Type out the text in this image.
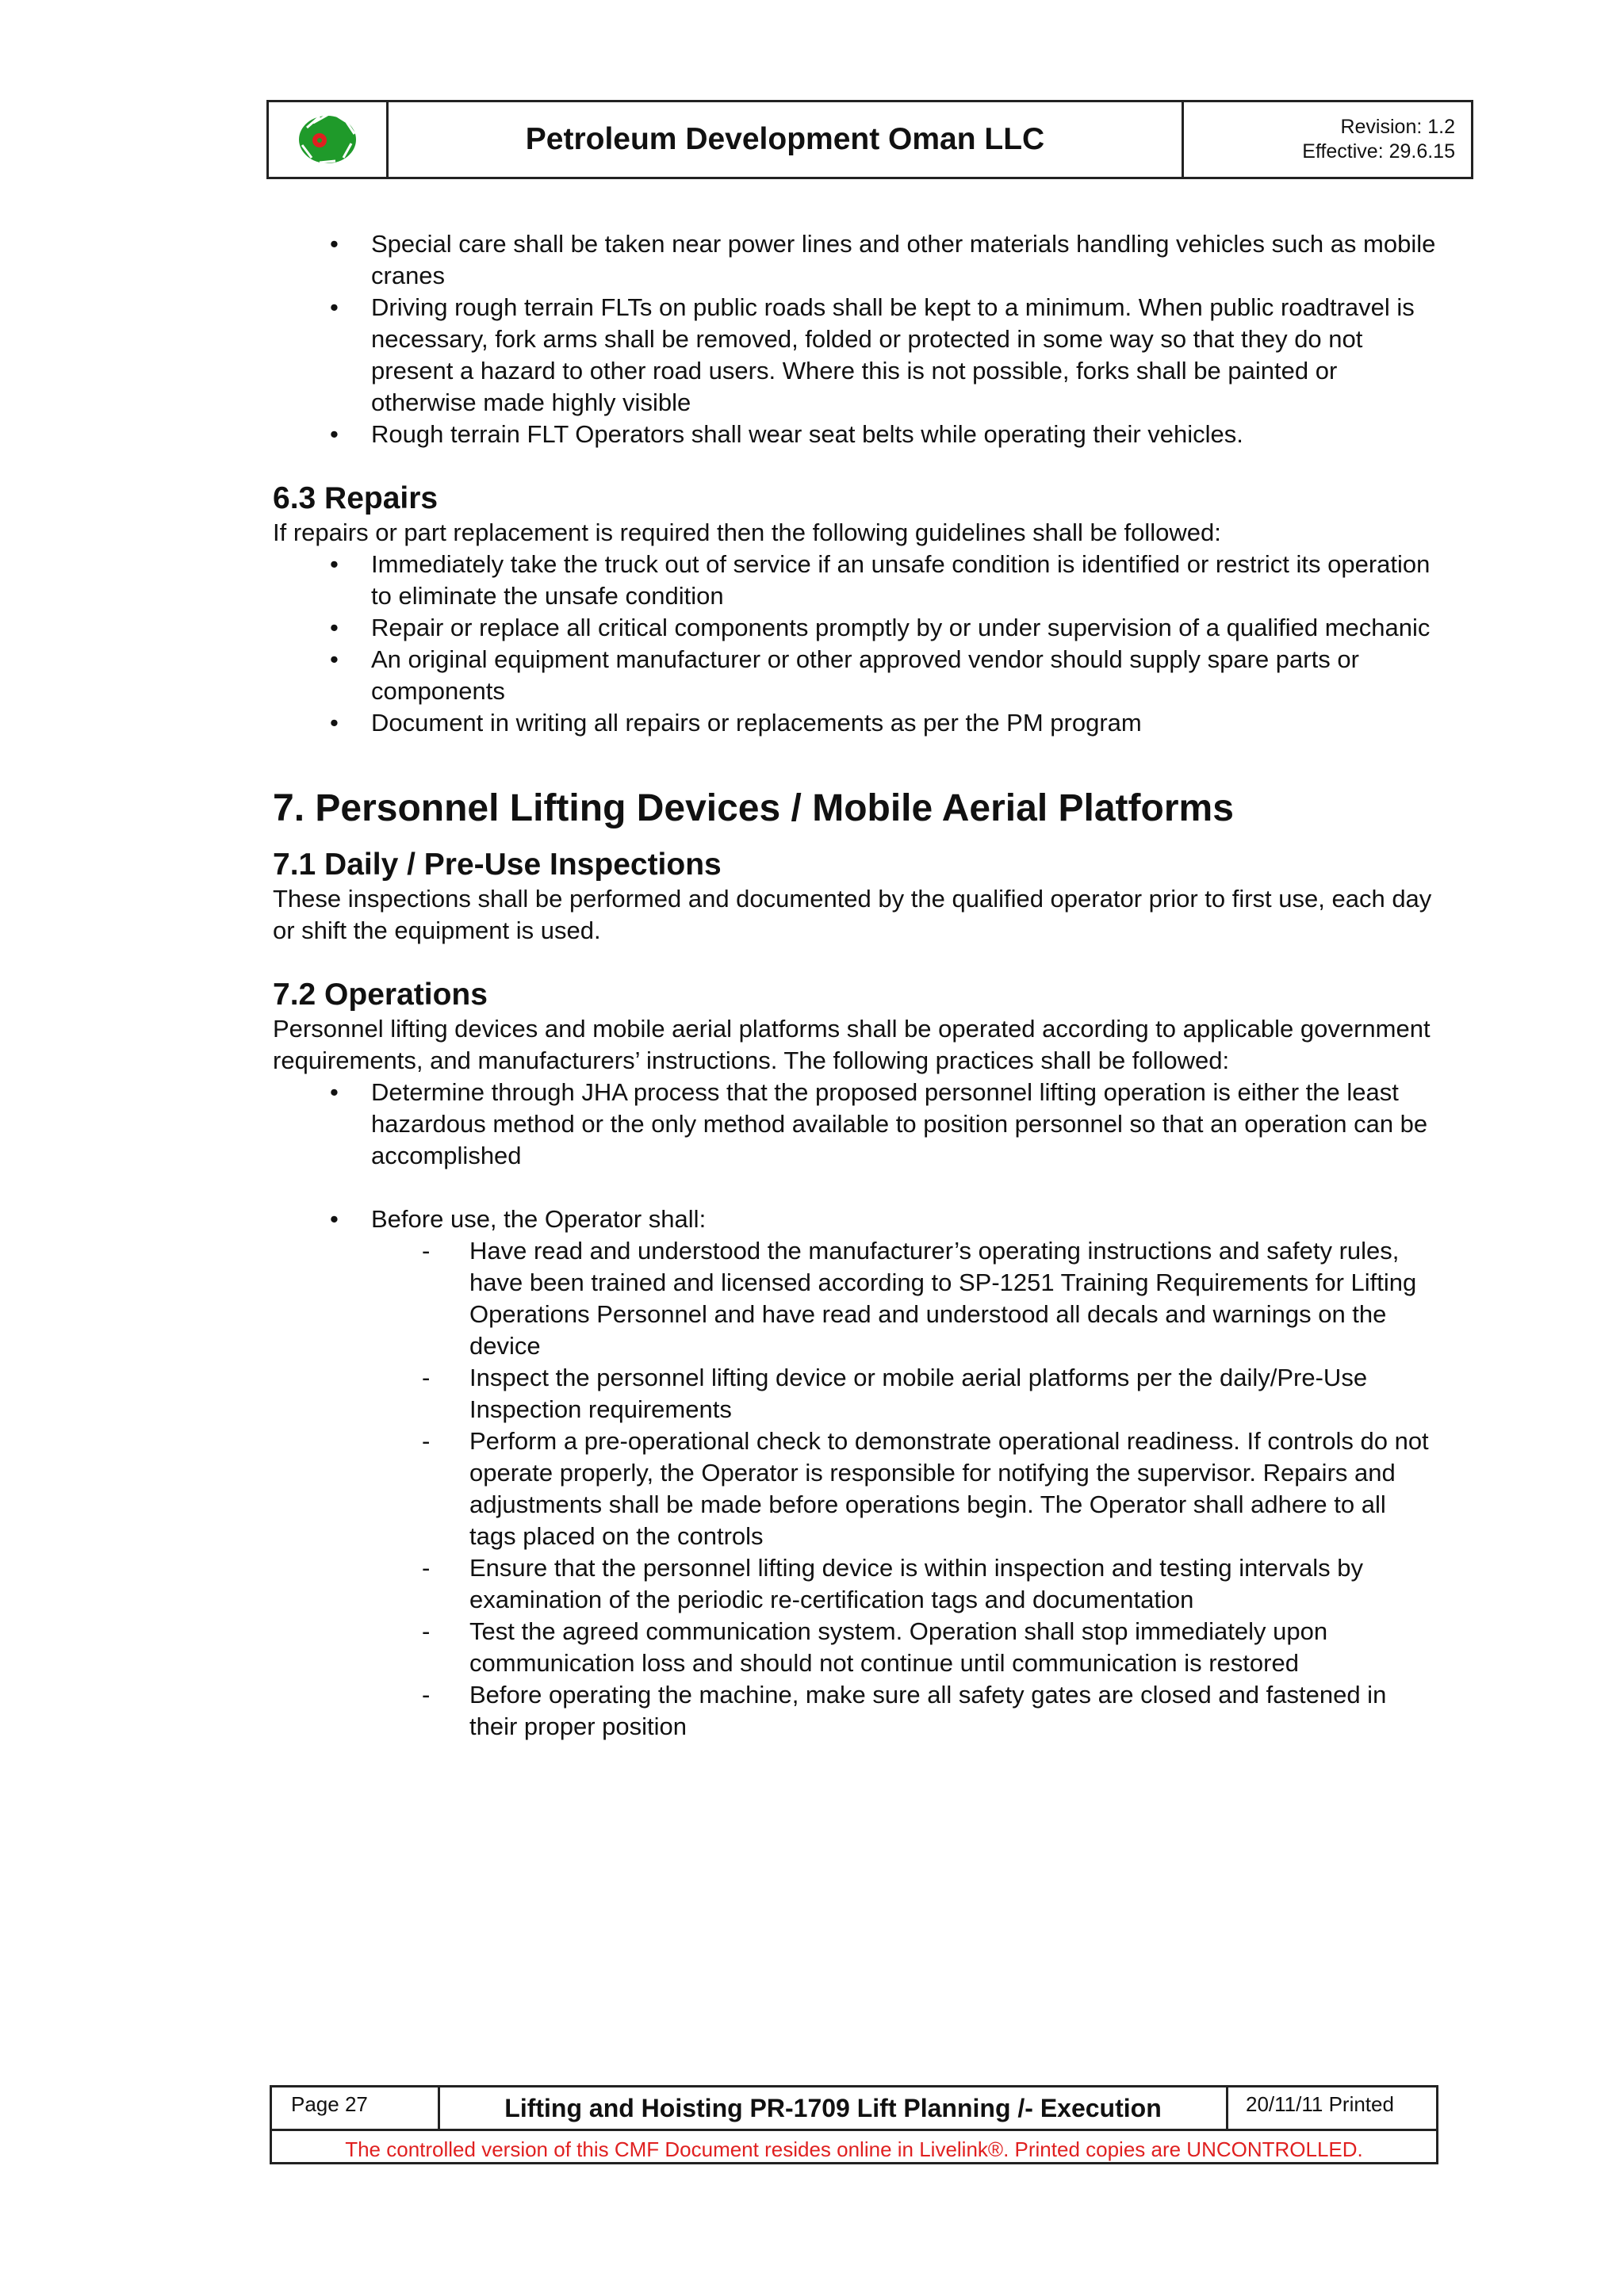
Petroleum Development Oman LLC	Revision: 1.2
Effective: 29.6.15
• Special care shall be taken near power lines and other materials handling vehicles such as mobile cranes
• Driving rough terrain FLTs on public roads shall be kept to a minimum. When public roadtravel is necessary, fork arms shall be removed, folded or protected in some way so that they do not present a hazard to other road users. Where this is not possible, forks shall be painted or otherwise made highly visible
• Rough terrain FLT Operators shall wear seat belts while operating their vehicles.

6.3 Repairs

If repairs or part replacement is required then the following guidelines shall be followed:

• Immediately take the truck out of service if an unsafe condition is identified or restrict its operation to eliminate the unsafe condition
• Repair or replace all critical components promptly by or under supervision of a qualified mechanic
• An original equipment manufacturer or other approved vendor should supply spare parts or components
• Document in writing all repairs or replacements as per the PM program

7. Personnel Lifting Devices / Mobile Aerial Platforms

7.1 Daily / Pre-Use Inspections

These inspections shall be performed and documented by the qualified operator prior to first use, each day or shift the equipment is used.

7.2 Operations

Personnel lifting devices and mobile aerial platforms shall be operated according to applicable government requirements, and manufacturers’ instructions. The following practices shall be followed:

• Determine through JHA process that the proposed personnel lifting operation is either the least hazardous method or the only method available to position personnel so that an operation can be accomplished
• Before use, the Operator shall:
- Have read and understood the manufacturer’s operating instructions and safety rules, have been trained and licensed according to SP-1251 Training Requirements for Lifting Operations Personnel and have read and understood all decals and warnings on the device
- Inspect the personnel lifting device or mobile aerial platforms per the daily/Pre-Use Inspection requirements
- Perform a pre-operational check to demonstrate operational readiness. If controls do not operate properly, the Operator is responsible for notifying the supervisor. Repairs and adjustments shall be made before operations begin. The Operator shall adhere to all tags placed on the controls
- Ensure that the personnel lifting device is within inspection and testing intervals by examination of the periodic re-certification tags and documentation
- Test the agreed communication system. Operation shall stop immediately upon communication loss and should not continue until communication is restored
- Before operating the machine, make sure all safety gates are closed and fastened in their proper position
Page 27	Lifting and Hoisting PR-1709 Lift Planning /- Execution	20/11/11 Printed
The controlled version of this CMF Document resides online in Livelink®. Printed copies are UNCONTROLLED.
